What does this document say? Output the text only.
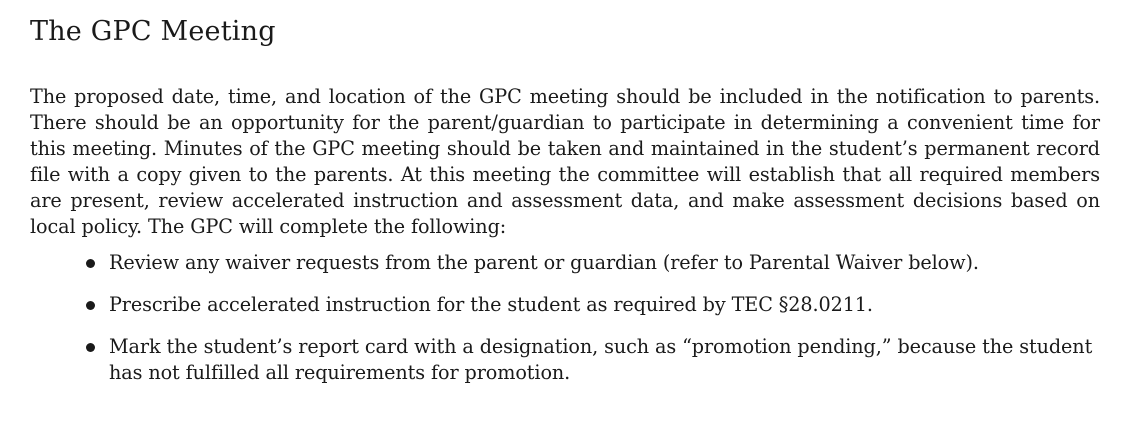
The GPC Meeting

The proposed date, time, and location of the GPC meeting should be included in the notification to parents. There should be an opportunity for the parent/guardian to participate in determining a convenient time for this meeting. Minutes of the GPC meeting should be taken and maintained in the student’s permanent record file with a copy given to the parents. At this meeting the committee will establish that all required members are present, review accelerated instruction and assessment data, and make assessment decisions based on local policy. The GPC will complete the following:

Review any waiver requests from the parent or guardian (refer to Parental Waiver below).
Prescribe accelerated instruction for the student as required by TEC §28.0211.
Mark the student’s report card with a designation, such as “promotion pending,” because the student has not fulfilled all requirements for promotion.
